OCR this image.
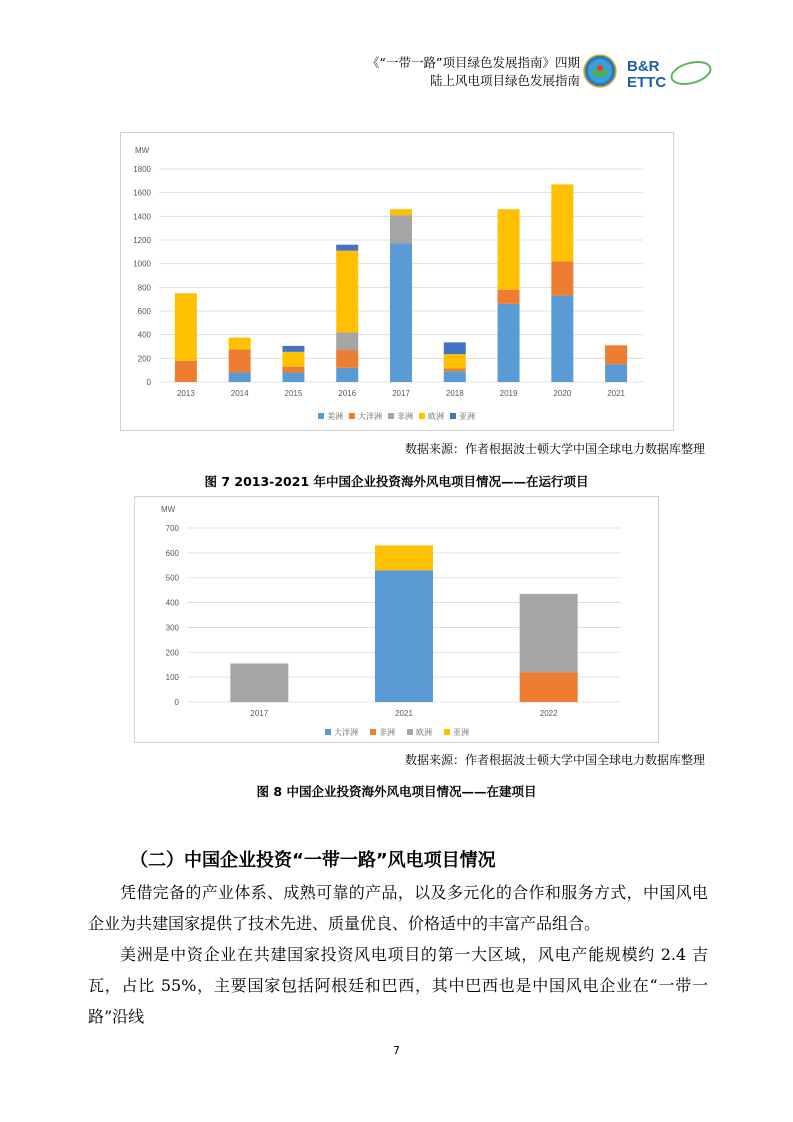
《“一带一路”项目绿色发展指南》四期
陆上风电项目绿色发展指南
B&R
ETTC
MW
0
200
400
600
800
1000
1200
1400
1600
1800
2013	2014	2015	2016	2017	2018	2019	2020	2021
美洲 大洋洲 非洲 欧洲 亚洲
数据来源：作者根据波士顿大学中国全球电力数据库整理
图 7 2013-2021 年中国企业投资海外风电项目情况——在运行项目
MW
0
100
200
300
400
500
600
700
2017	2021	2022
大洋洲	非洲	欧洲	亚洲
数据来源：作者根据波士顿大学中国全球电力数据库整理
图 8 中国企业投资海外风电项目情况——在建项目
（二）中国企业投资“一带一路”风电项目情况
凭借完备的产业体系、成熟可靠的产品，以及多元化的合作和服务方式，中国风电企业为共建国家提供了技术先进、质量优良、价格适中的丰富产品组合。
美洲是中资企业在共建国家投资风电项目的第一大区域，风电产能规模约 2.4 吉瓦，占比 55%，主要国家包括阿根廷和巴西，其中巴西也是中国风电企业在“一带一路”沿线
7
